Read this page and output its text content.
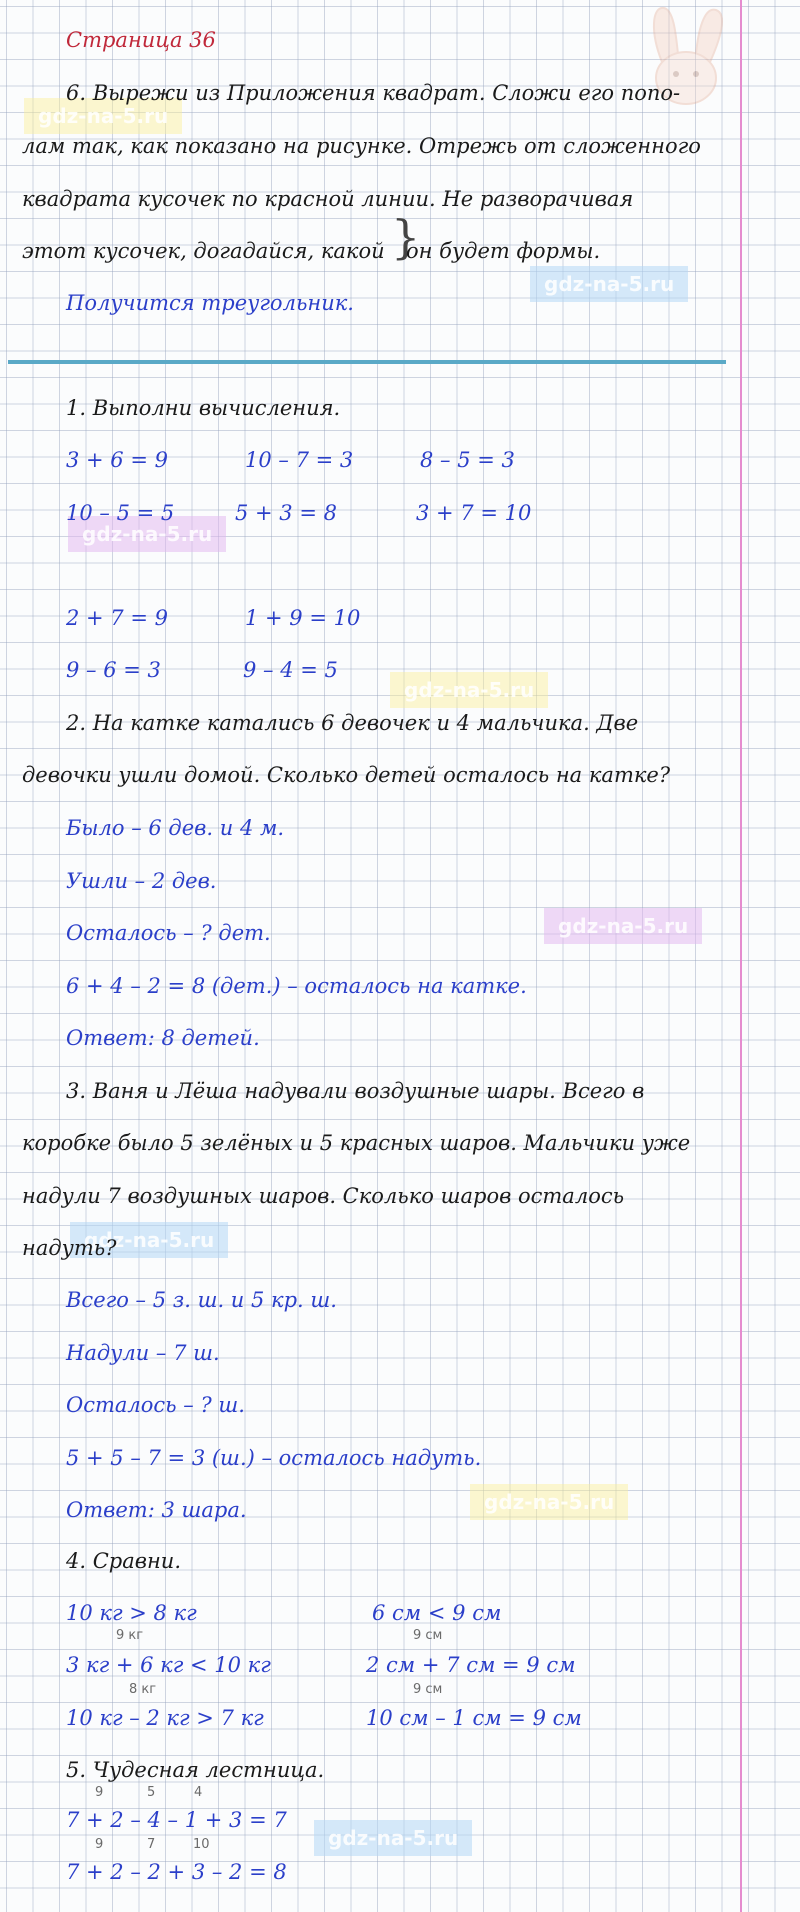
gdz-na-5.ru
gdz-na-5.ru
gdz-na-5.ru
gdz-na-5.ru
gdz-na-5.ru
gdz-na-5.ru
gdz-na-5.ru
gdz-na-5.ru
Страница 36
6. Вырежи из Приложения квадрат. Сложи его попо-
лам так, как показано на рисунке. Отрежь от сложенного
квадрата кусочек по красной линии. Не разворачивая
этот кусочек, догадайся, какой }
он будет формы.
Получится треугольник.
1. Выполни вычисления.
3 + 6 = 9	10 – 7 = 3	8 – 5 = 3
10 – 5 = 5	5 + 3 = 8	3 + 7 = 10
2 + 7 = 9	1 + 9 = 10
9 – 6 = 3	9 – 4 = 5
2. На катке катались 6 девочек и 4 мальчика. Две
девочки ушли домой. Сколько детей осталось на катке?
Было – 6 дев. и 4 м.
Ушли – 2 дев.
Осталось – ? дет.
6 + 4 – 2 = 8 (дет.) – осталось на катке.
Ответ: 8 детей.
3. Ваня и Лёша надували воздушные шары. Всего в
коробке было 5 зелёных и 5 красных шаров. Мальчики уже
надули 7 воздушных шаров. Сколько шаров осталось
надуть?
Всего – 5 з. ш. и 5 кр. ш.
Надули – 7 ш.
Осталось – ? ш.
5 + 5 – 7 = 3 (ш.) – осталось надуть.
Ответ: 3 шара.
4. Сравни.
10 кг > 8 кг	6 см < 9 см
9 кг	9 см
3 кг + 6 кг < 10 кг	2 см + 7 см = 9 см
8 кг	9 см
10 кг – 2 кг > 7 кг	10 см – 1 см = 9 см
5. Чудесная лестница.
9	5	4
7 + 2 – 4 – 1 + 3 = 7
9	7	10
7 + 2 – 2 + 3 – 2 = 8
